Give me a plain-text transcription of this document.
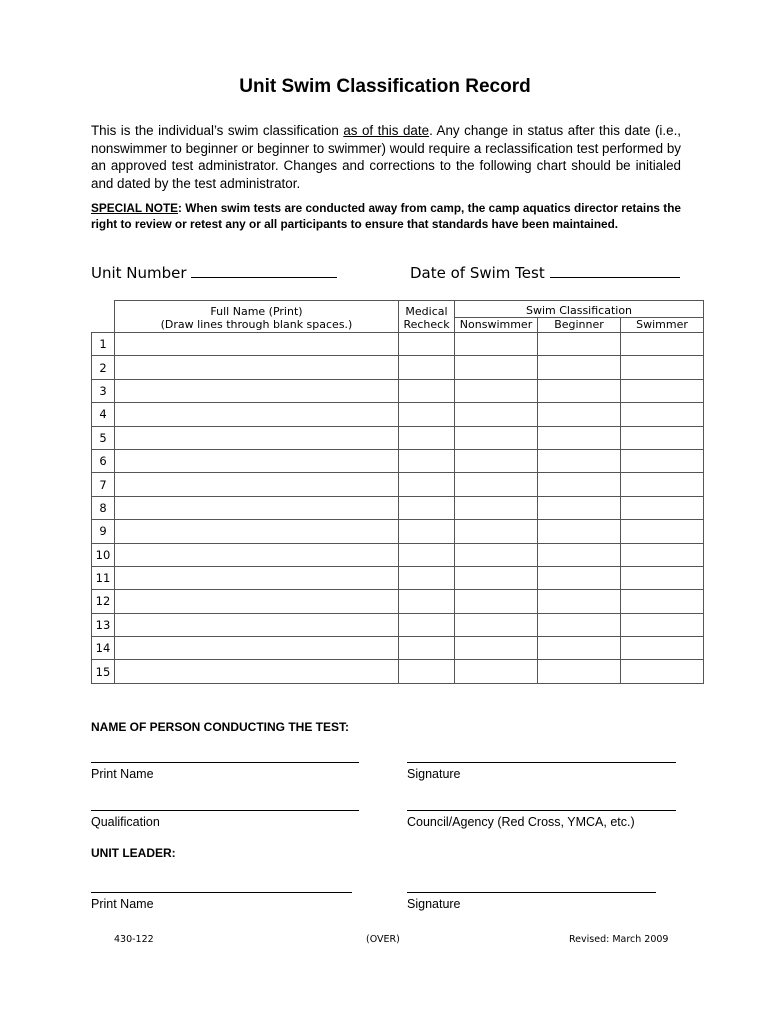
Unit Swim Classification Record
This is the individual’s swim classification as of this date. Any change in status after this date (i.e., nonswimmer to beginner or beginner to swimmer) would require a reclassification test performed by an approved test administrator. Changes and corrections to the following chart should be initialed and dated by the test administrator.
SPECIAL NOTE: When swim tests are conducted away from camp, the camp aquatics director retains the right to review or retest any or all participants to ensure that standards have been maintained.
Unit Number	Date of Swim Test
	Full Name (Print)	Medical	Swim Classification		
	(Draw lines through blank spaces.)	Recheck	Nonswimmer	Beginner	Swimmer
1					
2					
3					
4					
5					
6					
7					
8					
9					
10					
11					
12					
13					
14					
15					
NAME OF PERSON CONDUCTING THE TEST:
Print Name	Signature
Qualification	Council/Agency (Red Cross, YMCA, etc.)
UNIT LEADER:
Print Name	Signature
430-122	(OVER)	Revised: March 2009
